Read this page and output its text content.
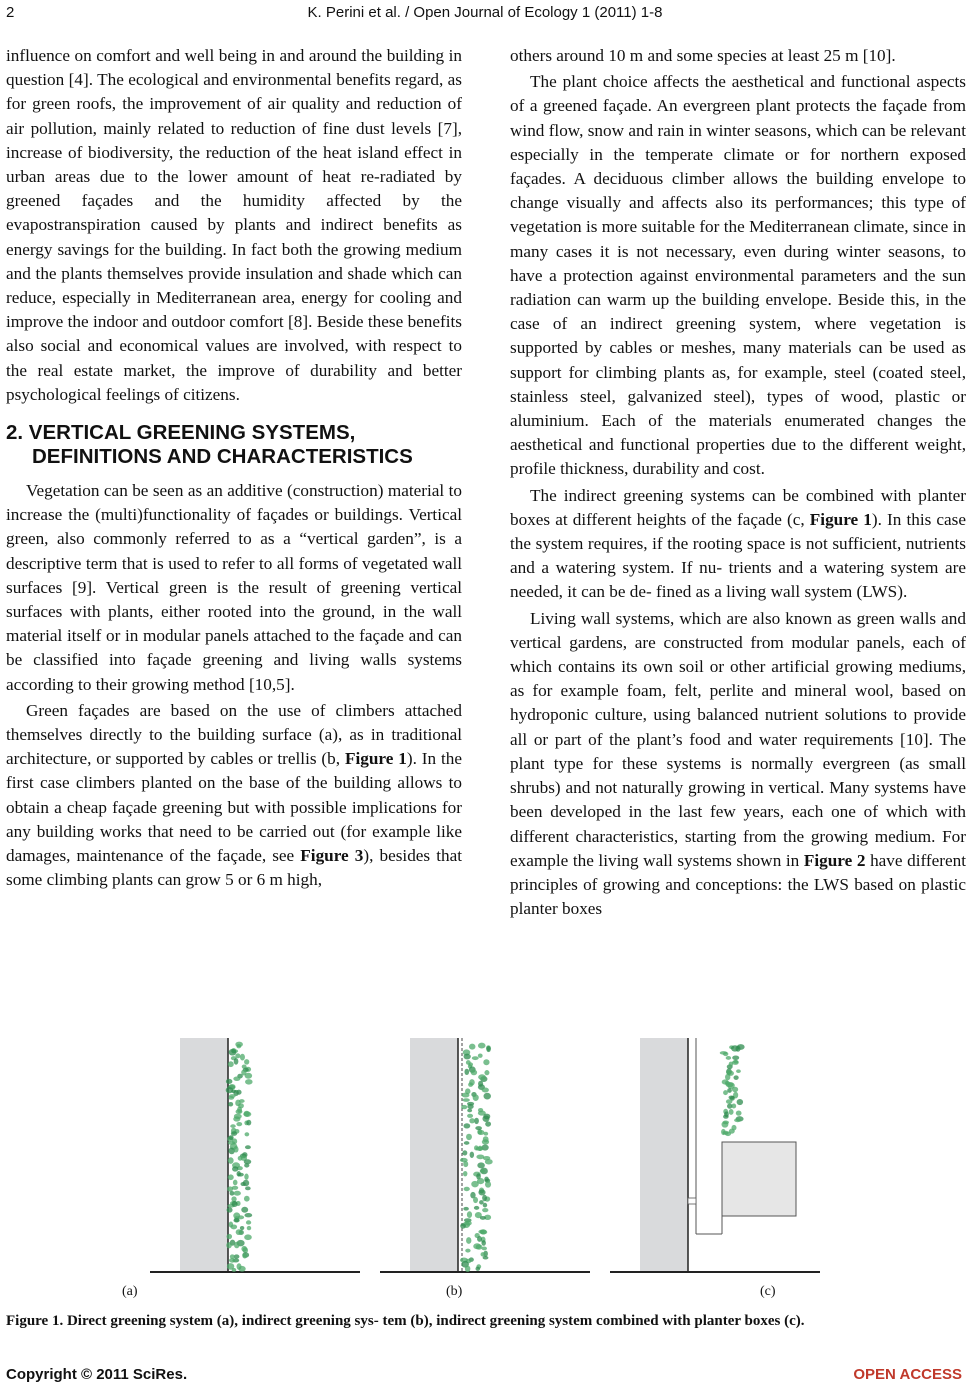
2	K. Perini et al. / Open Journal of Ecology 1 (2011) 1-8

influence on comfort and well being in and around the building in question [4]. The ecological and environmental benefits regard, as for green roofs, the improvement of air quality and reduction of air pollution, mainly related to reduction of fine dust levels [7], increase of biodiversity, the reduction of the heat island effect in urban areas due to the lower amount of heat re-radiated by greened façades and the humidity affected by the evapostranspiration caused by plants and indirect benefits as energy savings for the building. In fact both the growing medium and the plants themselves provide insulation and shade which can reduce, especially in Mediterranean area, energy for cooling and improve the indoor and outdoor comfort [8]. Beside these benefits also social and economical values are involved, with respect to the real estate market, the improve of durability and better psychological feelings of citizens.

2. VERTICAL GREENING SYSTEMS, DEFINITIONS AND CHARACTERISTICS

Vegetation can be seen as an additive (construction) material to increase the (multi)functionality of façades or buildings. Vertical green, also commonly referred to as a “vertical garden”, is a descriptive term that is used to refer to all forms of vegetated wall surfaces [9]. Vertical green is the result of greening vertical surfaces with plants, either rooted into the ground, in the wall material itself or in modular panels attached to the façade and can be classified into façade greening and living walls systems according to their growing method [10,5].

Green façades are based on the use of climbers attached themselves directly to the building surface (a), as in traditional architecture, or supported by cables or trellis (b, Figure 1). In the first case climbers planted on the base of the building allows to obtain a cheap façade greening but with possible implications for any building works that need to be carried out (for example like damages, maintenance of the façade, see Figure 3), besides that some climbing plants can grow 5 or 6 m high,

others around 10 m and some species at least 25 m [10].

The plant choice affects the aesthetical and functional aspects of a greened façade. An evergreen plant protects the façade from wind flow, snow and rain in winter seasons, which can be relevant especially in the temperate climate or for northern exposed façades. A deciduous climber allows the building envelope to change visually and affects also its performances; this type of vegetation is more suitable for the Mediterranean climate, since in many cases it is not necessary, even during winter seasons, to have a protection against environmental parameters and the sun radiation can warm up the building envelope. Beside this, in the case of an indirect greening system, where vegetation is supported by cables or meshes, many materials can be used as support for climbing plants as, for example, steel (coated steel, stainless steel, galvanized steel), types of wood, plastic or aluminium. Each of the materials enumerated changes the aesthetical and functional properties due to the different weight, profile thickness, durability and cost.

The indirect greening systems can be combined with planter boxes at different heights of the façade (c, Figure 1). In this case the system requires, if the rooting space is not sufficient, nutrients and a watering system. If nu- trients and a watering system are needed, it can be de- fined as a living wall system (LWS).

Living wall systems, which are also known as green walls and vertical gardens, are constructed from modular panels, each of which contains its own soil or other artificial growing mediums, as for example foam, felt, perlite and mineral wool, based on hydroponic culture, using balanced nutrient solutions to provide all or part of the plant’s food and water requirements [10]. The plant type for these systems is normally evergreen (as small shrubs) and not naturally growing in vertical. Many systems have been developed in the last few years, each one of which with different characteristics, starting from the growing medium. For example the living wall systems shown in Figure 2 have different principles of growing and conceptions: the LWS based on plastic planter boxes

(a)	(b)	(c)
Figure 1. Direct greening system (a), indirect greening sys- tem (b), indirect greening system combined with planter boxes (c).
Copyright © 2011 SciRes.	OPEN ACCESS
